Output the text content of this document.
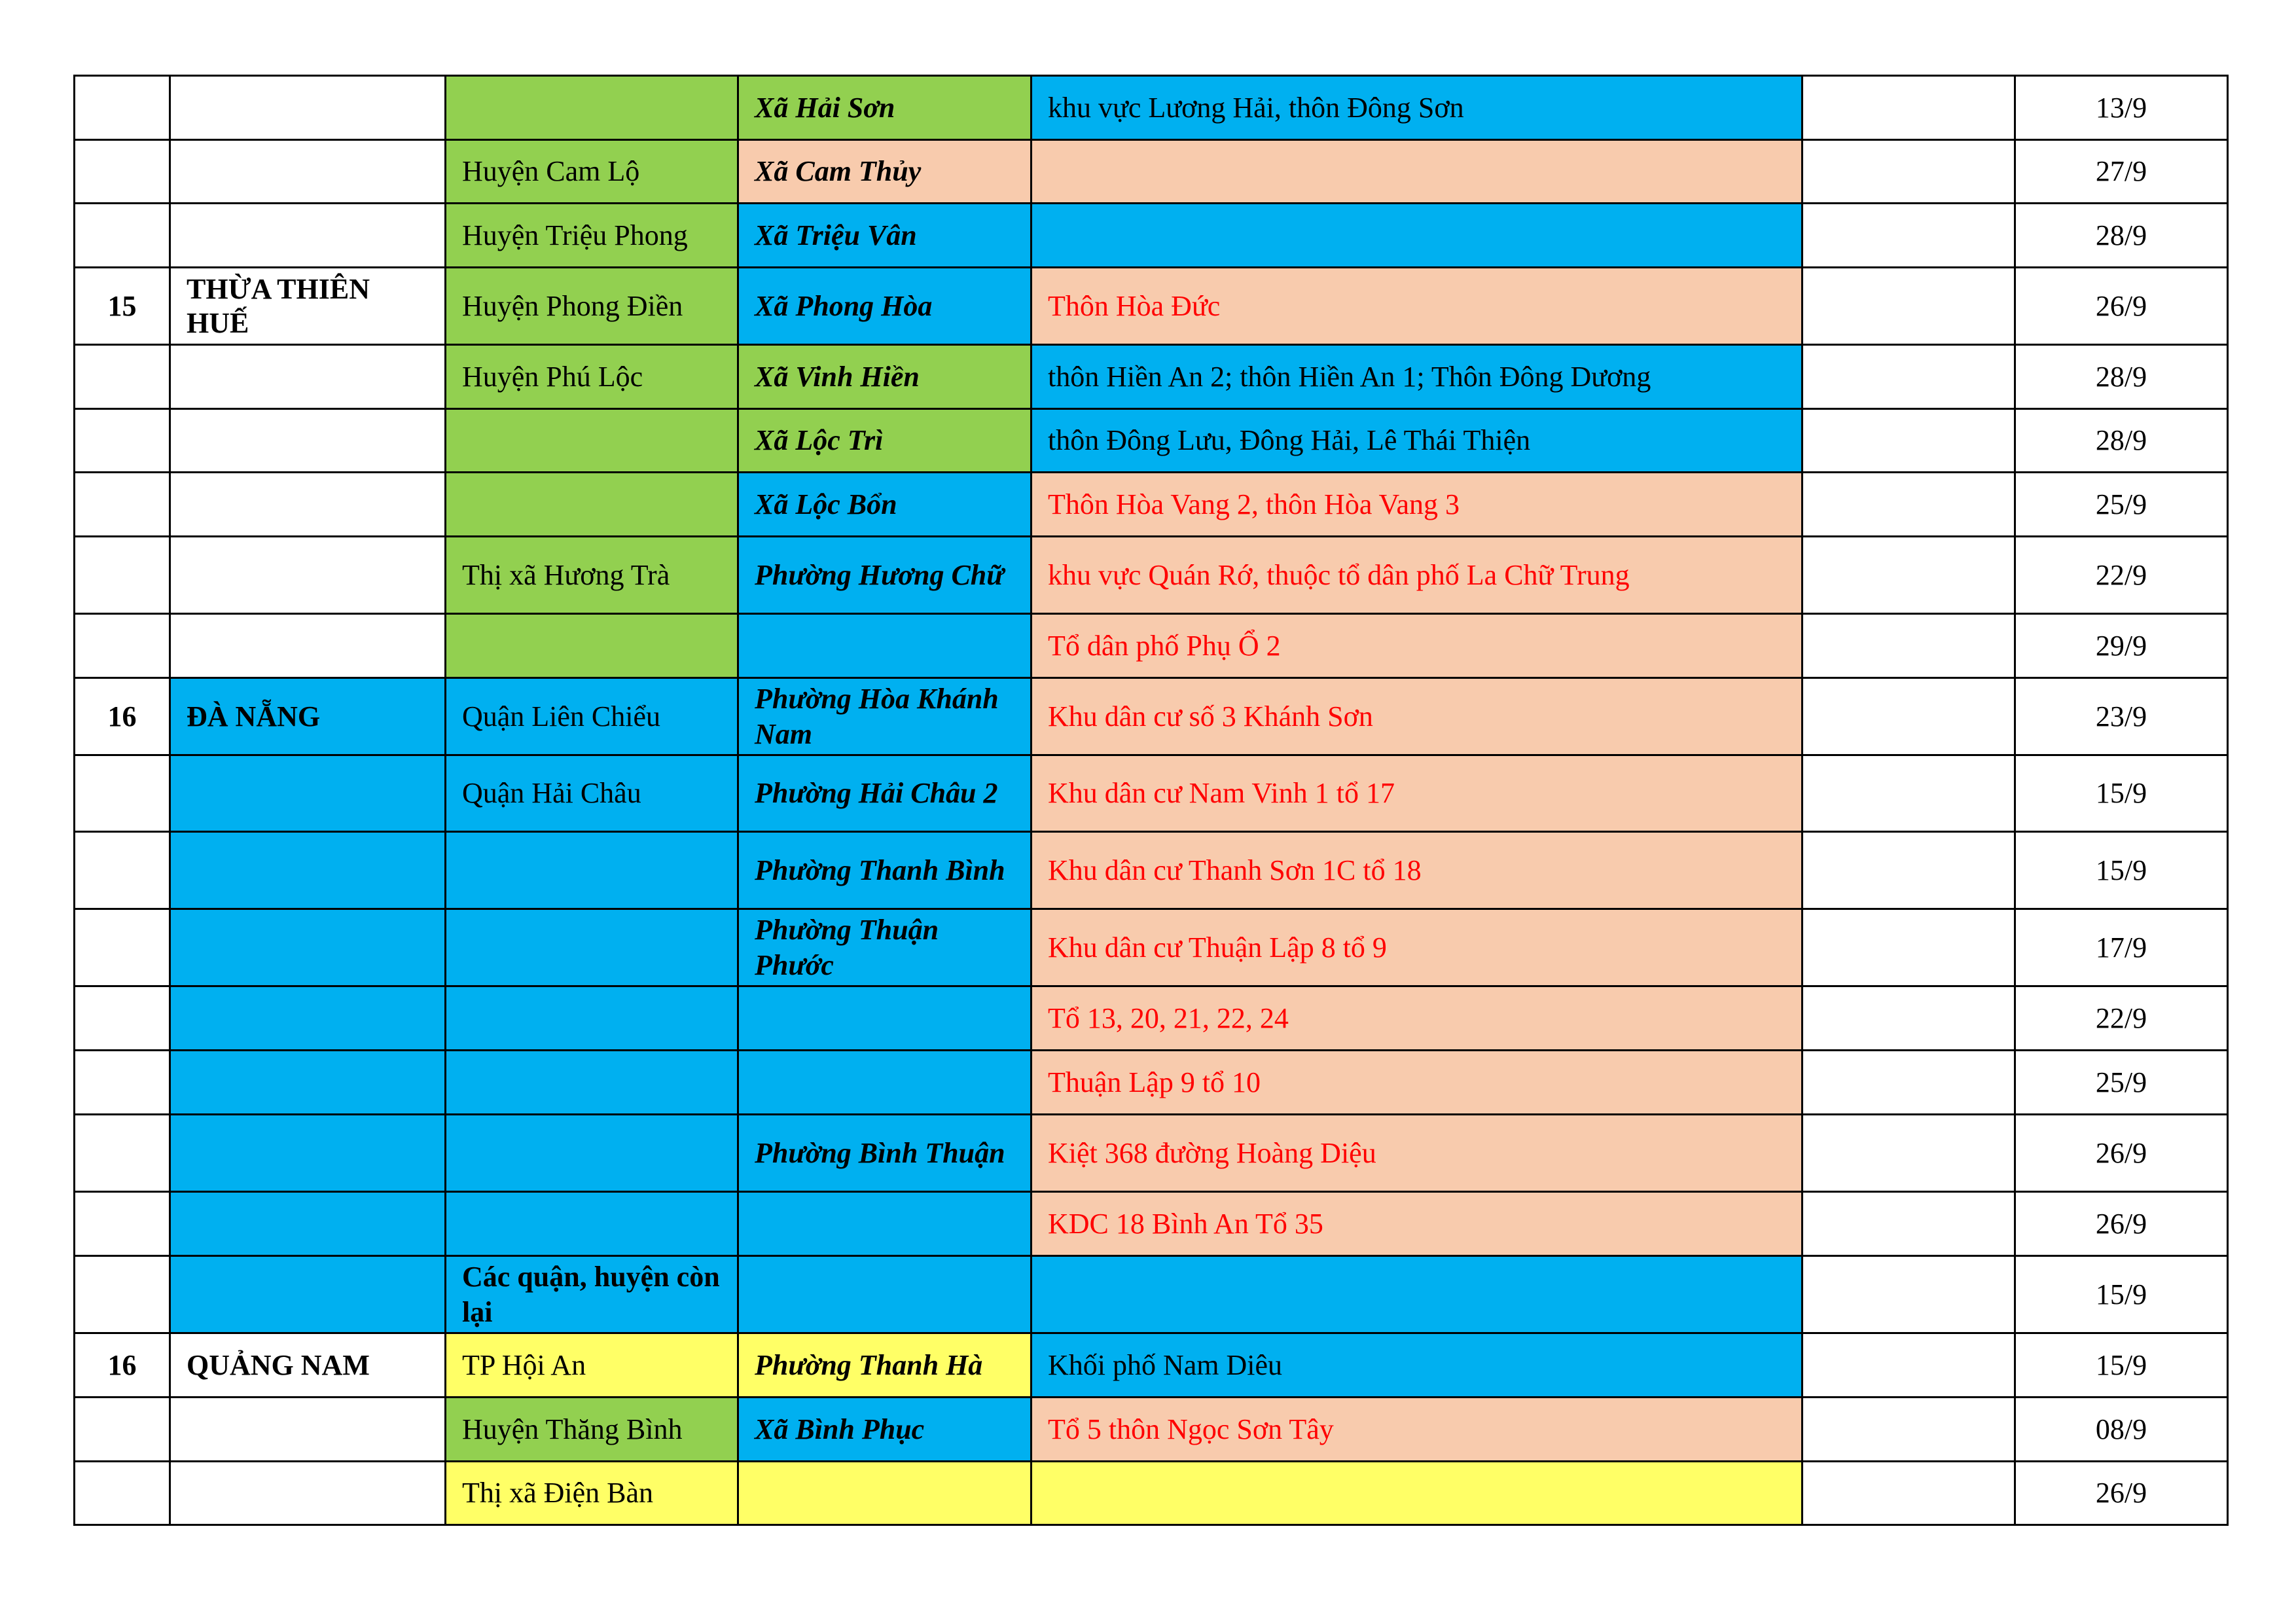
			Xã Hải Sơn	khu vực Lương Hải, thôn Đông Sơn		13/9
		Huyện Cam Lộ	Xã Cam Thủy			27/9
		Huyện Triệu Phong	Xã Triệu Vân			28/9
15	THỪA THIÊN HUẾ	Huyện Phong Điền	Xã Phong Hòa	Thôn Hòa Đức		26/9
		Huyện Phú Lộc	Xã Vinh Hiền	thôn Hiền An 2; thôn Hiền An 1; Thôn Đông Dương		28/9
			Xã Lộc Trì	thôn Đông Lưu, Đông Hải, Lê Thái Thiện		28/9
			Xã Lộc Bổn	Thôn Hòa Vang 2, thôn Hòa Vang 3		25/9
		Thị xã Hương Trà	Phường Hương Chữ	khu vực Quán Rớ, thuộc tổ dân phố La Chữ Trung		22/9
				Tổ dân phố Phụ Ổ 2		29/9
16	ĐÀ NẴNG	Quận Liên Chiểu	Phường Hòa Khánh Nam	Khu dân cư số 3 Khánh Sơn		23/9
		Quận Hải Châu	Phường Hải Châu 2	Khu dân cư Nam Vinh 1 tổ 17		15/9
			Phường Thanh Bình	Khu dân cư Thanh Sơn 1C tổ 18		15/9
			Phường Thuận Phước	Khu dân cư Thuận Lập 8 tổ 9		17/9
				Tổ 13, 20, 21, 22, 24		22/9
				Thuận Lập 9 tổ 10		25/9
			Phường Bình Thuận	Kiệt 368 đường Hoàng Diệu		26/9
				KDC 18 Bình An Tổ 35		26/9
		Các quận, huyện còn lại				15/9
16	QUẢNG NAM	TP Hội An	Phường Thanh Hà	Khối phố Nam Diêu		15/9
		Huyện Thăng Bình	Xã Bình Phục	Tổ 5 thôn Ngọc Sơn Tây		08/9
		Thị xã Điện Bàn				26/9
